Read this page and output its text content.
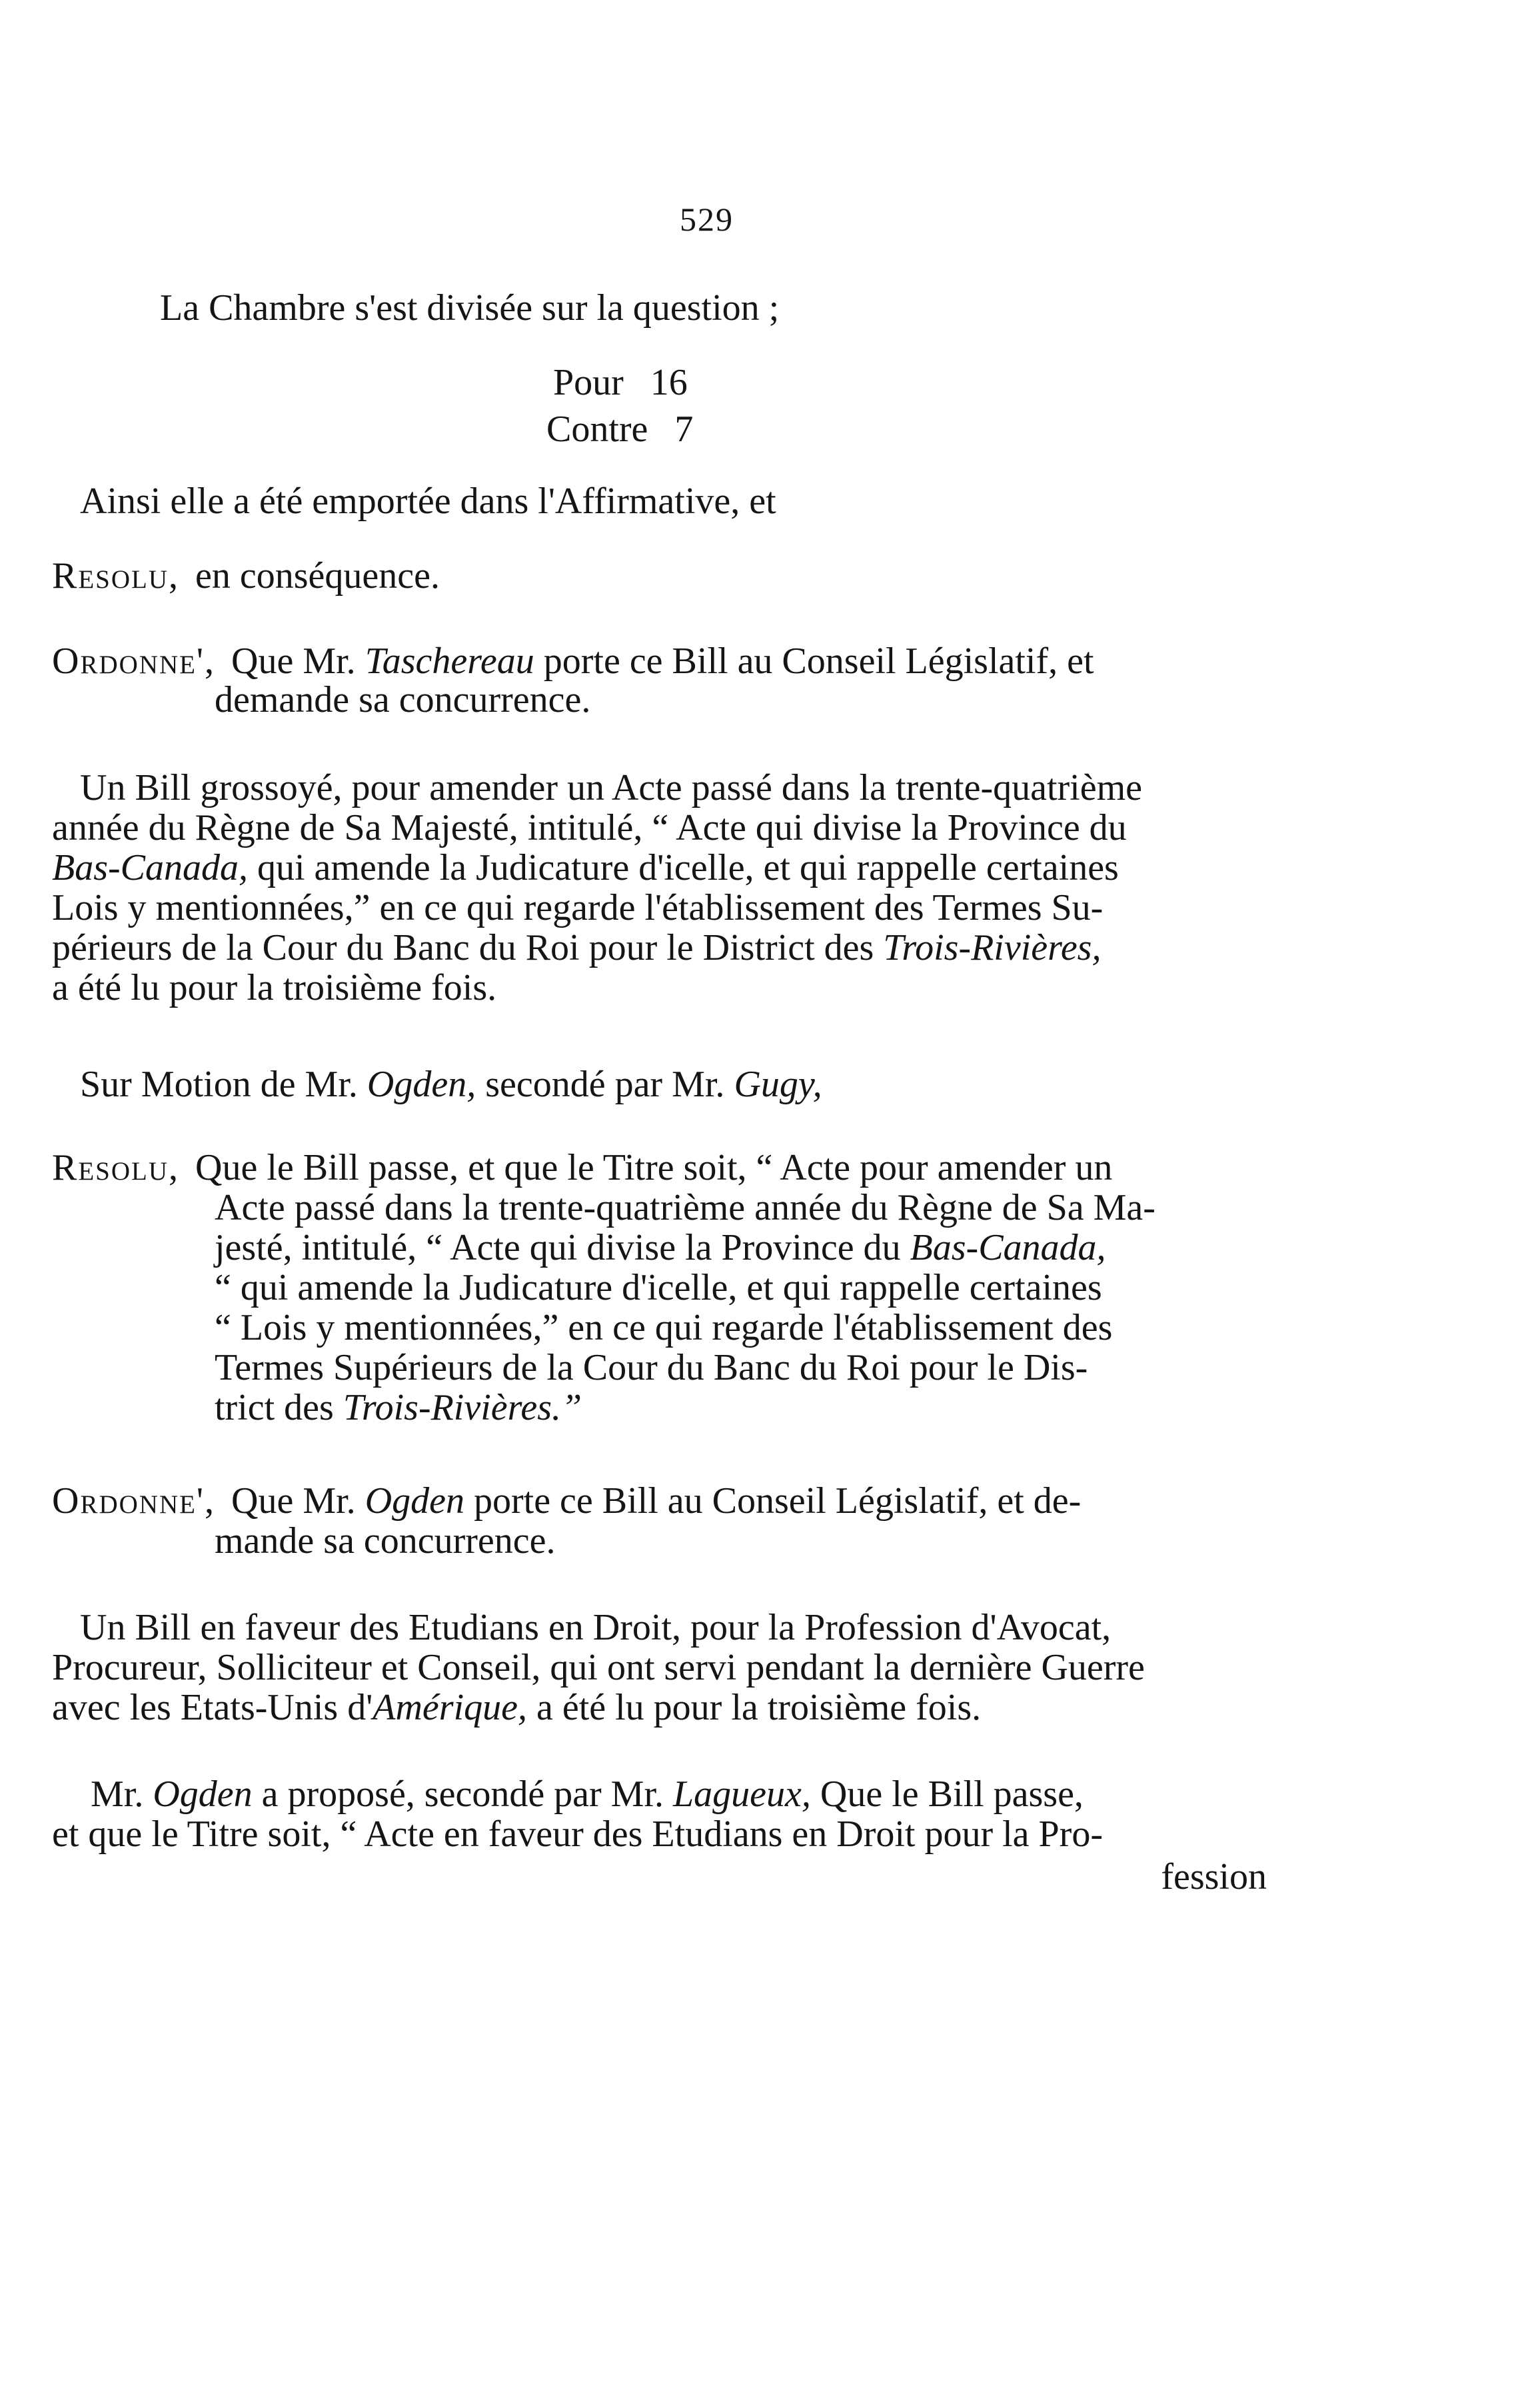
529
La Chambre s'est divisée sur la question ;
Pour 16
Contre 7
Ainsi elle a été emportée dans l'Affirmative, et
Resolu, en conséquence.
Ordonne', Que Mr. Taschereau porte ce Bill au Conseil Législatif, et
demande sa concurrence.
Un Bill grossoyé, pour amender un Acte passé dans la trente-quatrième
année du Règne de Sa Majesté, intitulé, “ Acte qui divise la Province du
Bas-Canada, qui amende la Judicature d'icelle, et qui rappelle certaines
Lois y mentionnées,” en ce qui regarde l'établissement des Termes Su-
périeurs de la Cour du Banc du Roi pour le District des Trois-Rivières,
a été lu pour la troisième fois.
Sur Motion de Mr. Ogden, secondé par Mr. Gugy,
Resolu, Que le Bill passe, et que le Titre soit, “ Acte pour amender un
Acte passé dans la trente-quatrième année du Règne de Sa Ma-
jesté, intitulé, “ Acte qui divise la Province du Bas-Canada,
“ qui amende la Judicature d'icelle, et qui rappelle certaines
“ Lois y mentionnées,” en ce qui regarde l'établissement des
Termes Supérieurs de la Cour du Banc du Roi pour le Dis-
trict des Trois-Rivières.”
Ordonne', Que Mr. Ogden porte ce Bill au Conseil Législatif, et de-
mande sa concurrence.
Un Bill en faveur des Etudians en Droit, pour la Profession d'Avocat,
Procureur, Solliciteur et Conseil, qui ont servi pendant la dernière Guerre
avec les Etats-Unis d'Amérique, a été lu pour la troisième fois.
Mr. Ogden a proposé, secondé par Mr. Lagueux, Que le Bill passe,
et que le Titre soit, “ Acte en faveur des Etudians en Droit pour la Pro-
fession
